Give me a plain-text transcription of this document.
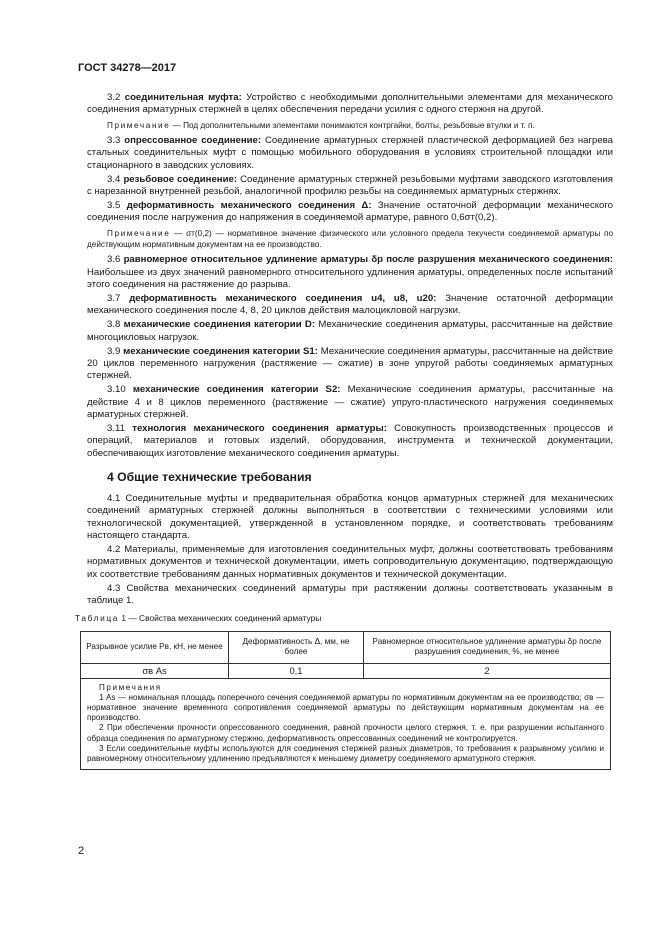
ГОСТ 34278—2017

3.2 соединительная муфта: Устройство с необходимыми дополнительными элементами для механического соединения арматурных стержней в целях обеспечения передачи усилия с одного стержня на другой.

Примечание — Под дополнительными элементами понимаются контргайки, болты, резьбовые втулки и т. п.

3.3 опрессованное соединение: Соединение арматурных стержней пластической деформацией без нагрева стальных соединительных муфт с помощью мобильного оборудования в условиях строительной площадки или стационарного в заводских условиях.

3.4 резьбовое соединение: Соединение арматурных стержней резьбовыми муфтами заводского изготовления с нарезанной внутренней резьбой, аналогичной профилю резьбы на соединяемых арматурных стержнях.

3.5 деформативность механического соединения Δ: Значение остаточной деформации механического соединения после нагружения до напряжения в соединяемой арматуре, равного 0,6σт(0,2).

Примечание — σт(0,2) — нормативное значение физического или условного предела текучести соединяемой арматуры по действующим нормативным документам на ее производство.

3.6 равномерное относительное удлинение арматуры δp после разрушения механического соединения: Наибольшее из двух значений равномерного относительного удлинения арматуры, определенных после испытаний этого соединения на растяжение до разрыва.

3.7 деформативность механического соединения u4, u8, u20: Значение остаточной деформации механического соединения после 4, 8, 20 циклов действия малоцикловой нагрузки.

3.8 механические соединения категории D: Механические соединения арматуры, рассчитанные на действие многоцикловых нагрузок.

3.9 механические соединения категории S1: Механические соединения арматуры, рассчитанные на действие 20 циклов переменного нагружения (растяжение — сжатие) в зоне упругой работы соединяемых арматурных стержней.

3.10 механические соединения категории S2: Механические соединения арматуры, рассчитанные на действие 4 и 8 циклов переменного (растяжение — сжатие) упруго-пластического нагружения соединяемых арматурных стержней.

3.11 технология механического соединения арматуры: Совокупность производственных процессов и операций, материалов и готовых изделий, оборудования, инструмента и технической документации, обеспечивающих изготовление механического соединения арматуры.

4 Общие технические требования

4.1 Соединительные муфты и предварительная обработка концов арматурных стержней для механических соединений арматурных стержней должны выполняться в соответствии с техническими условиями или технологической документацией, утвержденной в установленном порядке, и соответствовать требованиям настоящего стандарта.

4.2 Материалы, применяемые для изготовления соединительных муфт, должны соответствовать требованиям нормативных документов и технической документации, иметь сопроводительную документацию, подтверждающую их соответствие требованиям данных нормативных документов и технической документации.

4.3 Свойства механических соединений арматуры при растяжении должны соответствовать указанным в таблице 1.

Таблица 1 — Свойства механических соединений арматуры
Разрывное усилие Рв, кН, не менее	Деформативность Δ, мм, не более	Равномерное относительное удлинение арматуры δp после разрушения соединения, %, не менее
σв Аs	0,1	2

Примечания
1 Аs — номинальная площадь поперечного сечения соединяемой арматуры по нормативным документам на ее производство; σв — нормативное значение временного сопротивления соединяемой арматуры по действующим нормативным документам на ее производство.
2 При обеспечении прочности опрессованного соединения, равной прочности целого стержня, т. е. при разрушении испытанного образца соединения по арматурному стержню, деформативность опрессованных соединений не контролируется.
3 Если соединительные муфты используются для соединения стержней разных диаметров, то требования к разрывному усилию и равномерному относительному удлинению предъявляются к меньшему диаметру соединяемого арматурного стержня.		
2
